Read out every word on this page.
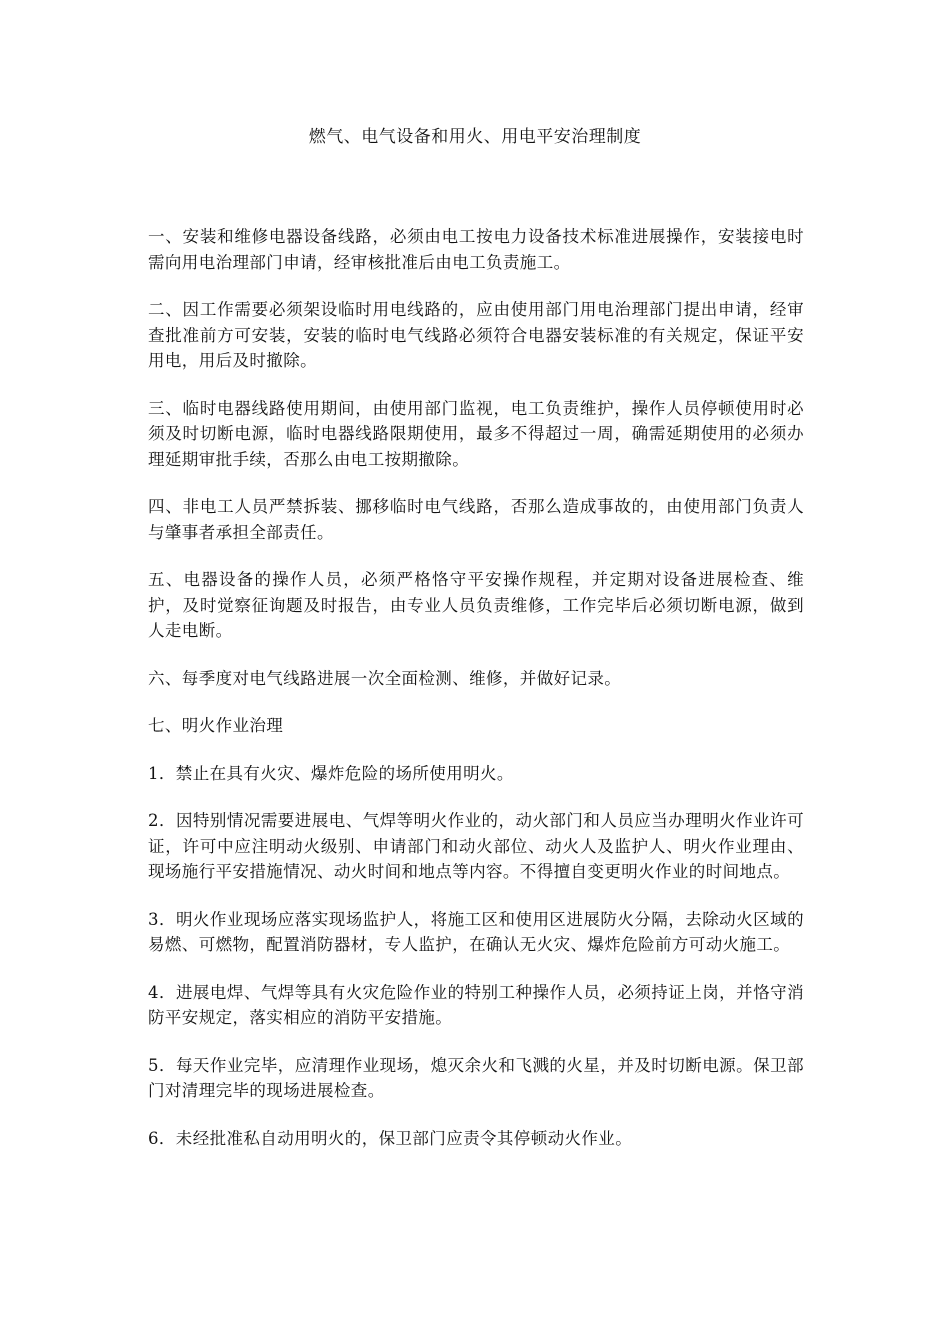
燃气、电气设备和用火、用电平安治理制度

一、安装和维修电器设备线路，必须由电工按电力设备技术标准进展操作，安装接电时需向用电治理部门申请，经审核批准后由电工负责施工。

二、因工作需要必须架设临时用电线路的，应由使用部门用电治理部门提出申请，经审查批准前方可安装，安装的临时电气线路必须符合电器安装标准的有关规定，保证平安用电，用后及时撤除。

三、临时电器线路使用期间，由使用部门监视，电工负责维护，操作人员停顿使用时必须及时切断电源，临时电器线路限期使用，最多不得超过一周，确需延期使用的必须办理延期审批手续，否那么由电工按期撤除。

四、非电工人员严禁拆装、挪移临时电气线路，否那么造成事故的，由使用部门负责人与肇事者承担全部责任。

五、电器设备的操作人员，必须严格恪守平安操作规程，并定期对设备进展检查、维护，及时觉察征询题及时报告，由专业人员负责维修，工作完毕后必须切断电源，做到人走电断。

六、每季度对电气线路进展一次全面检测、维修，并做好记录。

七、明火作业治理

1．禁止在具有火灾、爆炸危险的场所使用明火。

2．因特别情况需要进展电、气焊等明火作业的，动火部门和人员应当办理明火作业许可证，许可中应注明动火级别、申请部门和动火部位、动火人及监护人、明火作业理由、现场施行平安措施情况、动火时间和地点等内容。不得擅自变更明火作业的时间地点。

3．明火作业现场应落实现场监护人，将施工区和使用区进展防火分隔，去除动火区域的易燃、可燃物，配置消防器材，专人监护，在确认无火灾、爆炸危险前方可动火施工。

4．进展电焊、气焊等具有火灾危险作业的特别工种操作人员，必须持证上岗，并恪守消防平安规定，落实相应的消防平安措施。

5．每天作业完毕，应清理作业现场，熄灭余火和飞溅的火星，并及时切断电源。保卫部门对清理完毕的现场进展检查。

6．未经批准私自动用明火的，保卫部门应责令其停顿动火作业。
